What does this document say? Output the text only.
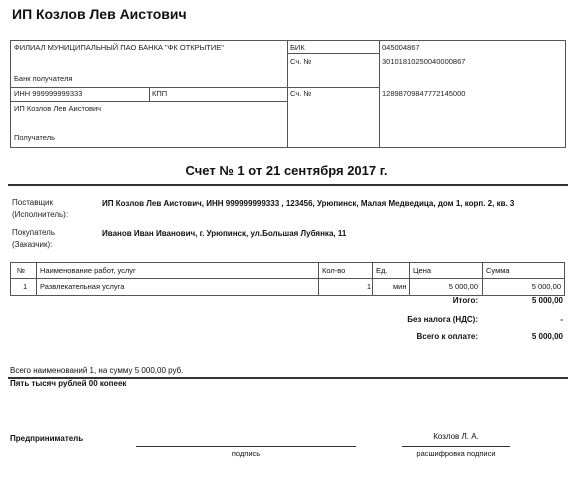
ИП Козлов Лев Аистович
ФИЛИАЛ МУНИЦИПАЛЬНЫЙ ПАО БАНКА "ФК ОТКРЫТИЕ"
Банк получателя
БИК	045004867
Сч. №	30101810250040000867
ИНН 999999999333	КПП	Сч. №	12898709847772145000
ИП Козлов Лев Аистович
Получатель
Счет № 1 от 21 сентября 2017 г.
Поставщик
(Исполнитель):
ИП Козлов Лев Аистович, ИНН 999999999333 , 123456, Урюпинск, Малая Медведица, дом 1, корп. 2, кв. 3
Покупатель
(Заказчик):
Иванов Иван Иванович, г. Урюпинск, ул.Большая Лубянка, 11
№ Наименование работ, услуг	Кол-во	Ед.	Цена	Сумма
1 Развлекательная услуга	1	мин	5 000,00	5 000,00
Итого:	5 000,00
Без налога (НДС):	-
Всего к оплате:	5 000,00
Всего наименований 1, на сумму 5 000,00 руб.
Пять тысяч рублей 00 копеек
Предприниматель
подпись
Козлов Л. А.
расшифровка подписи
